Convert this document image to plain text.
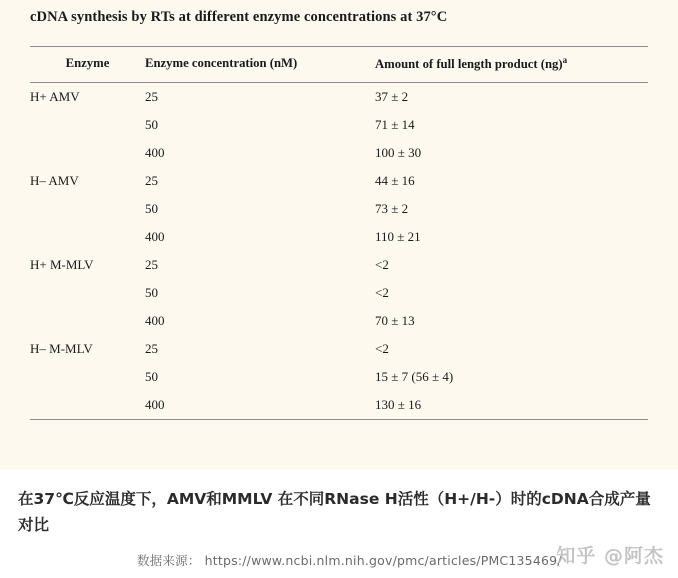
cDNA synthesis by RTs at different enzyme concentrations at 37°C
Enzyme	Enzyme concentration (nM)	Amount of full length product (ng)$^a$
H+ AMV	25	37 ± 2
	50	71 ± 14
	400	100 ± 30
H– AMV	25	44 ± 16
	50	73 ± 2
	400	110 ± 21
H+ M-MLV	25	<2
	50	<2
	400	70 ± 13
H– M-MLV	25	<2
	50	15 ± 7 (56 ± 4)
	400	130 ± 16
在37℃反应温度下，AMV和MMLV 在不同RNase H活性（H+/H-）时的cDNA合成产量对比
数据来源： https://www.ncbi.nlm.nih.gov/pmc/articles/PMC135469/
知乎 @阿杰
